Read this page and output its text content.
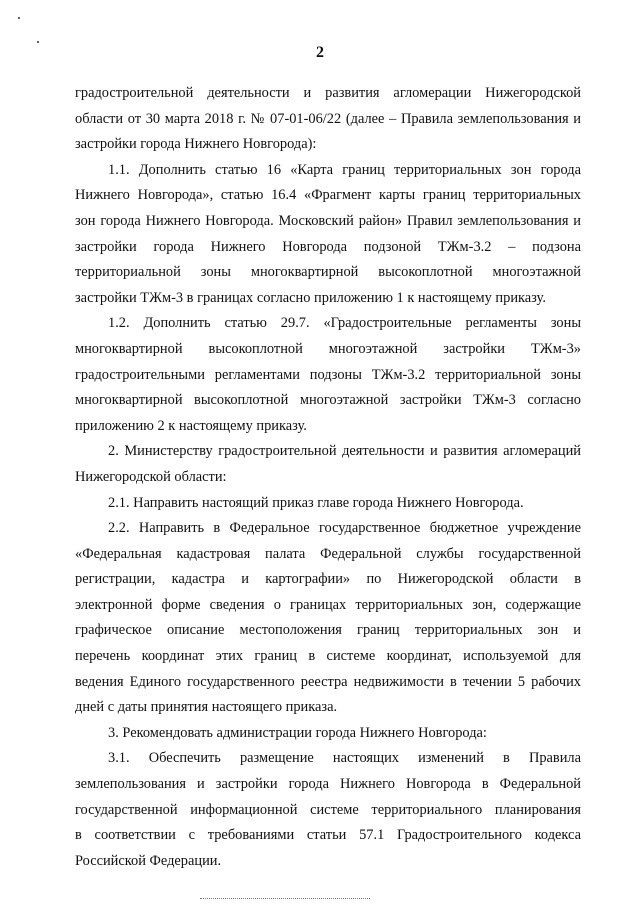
2

градостроительной деятельности и развития агломерации Нижегородской
области от 30 марта 2018 г. № 07-01-06/22 (далее – Правила землепользования и
застройки города Нижнего Новгорода):

1.1. Дополнить статью 16 «Карта границ территориальных зон города
Нижнего Новгорода», статью 16.4 «Фрагмент карты границ территориальных
зон города Нижнего Новгорода. Московский район» Правил землепользования и
застройки города Нижнего Новгорода подзоной ТЖм-3.2 – подзона
территориальной зоны многоквартирной высокоплотной многоэтажной
застройки ТЖм-3 в границах согласно приложению 1 к настоящему приказу.

1.2. Дополнить статью 29.7. «Градостроительные регламенты зоны
многоквартирной высокоплотной многоэтажной застройки ТЖм-3»
градостроительными регламентами подзоны ТЖм-3.2 территориальной зоны
многоквартирной высокоплотной многоэтажной застройки ТЖм-3 согласно
приложению 2 к настоящему приказу.

2. Министерству градостроительной деятельности и развития агломераций
Нижегородской области:

2.1. Направить настоящий приказ главе города Нижнего Новгорода.

2.2. Направить в Федеральное государственное бюджетное учреждение
«Федеральная кадастровая палата Федеральной службы государственной
регистрации, кадастра и картографии» по Нижегородской области в
электронной форме сведения о границах территориальных зон, содержащие
графическое описание местоположения границ территориальных зон и
перечень координат этих границ в системе координат, используемой для
ведения Единого государственного реестра недвижимости в течении 5 рабочих
дней с даты принятия настоящего приказа.

3. Рекомендовать администрации города Нижнего Новгорода:

3.1. Обеспечить размещение настоящих изменений в Правила
землепользования и застройки города Нижнего Новгорода в Федеральной
государственной информационной системе территориального планирования
в соответствии с требованиями статьи 57.1 Градостроительного кодекса
Российской Федерации.
